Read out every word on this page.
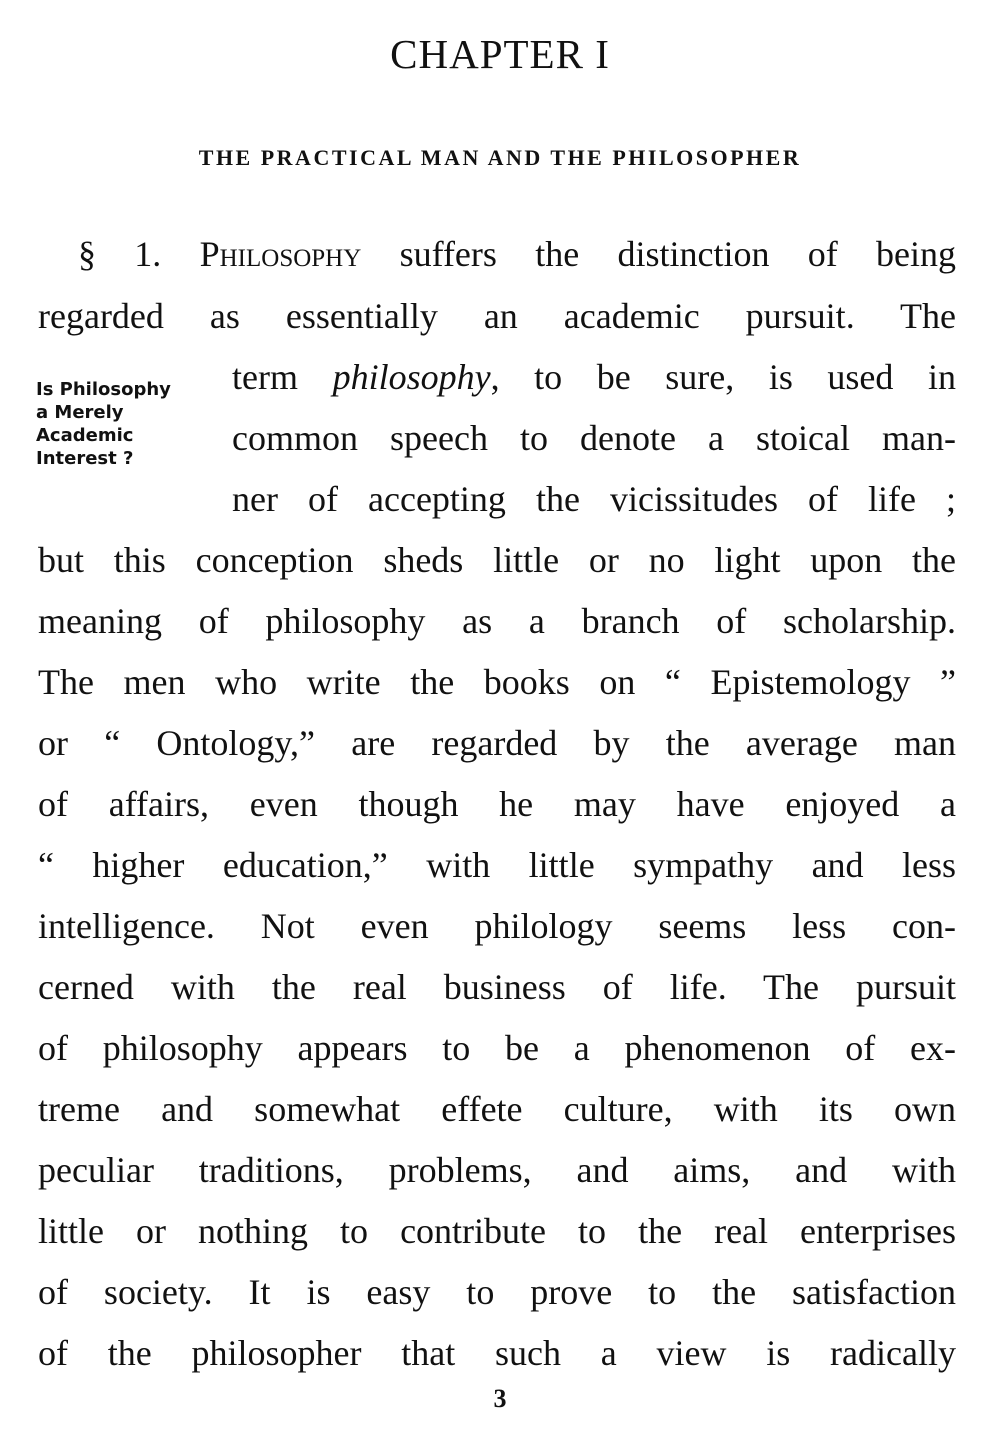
CHAPTER I
THE PRACTICAL MAN AND THE PHILOSOPHER
§ 1. Philosophy suffers the distinction of being
regarded as essentially an academic pursuit. The
term philosophy, to be sure, is used in
Is Philosophy
a Merely
Academic
Interest ?
common speech to denote a stoical man-
ner of accepting the vicissitudes of life ;
but this conception sheds little or no light upon the
meaning of philosophy as a branch of scholarship.
The men who write the books on “ Epistemology ”
or “ Ontology,” are regarded by the average man
of affairs, even though he may have enjoyed a
“ higher education,” with little sympathy and less
intelligence. Not even philology seems less con-
cerned with the real business of life. The pursuit
of philosophy appears to be a phenomenon of ex-
treme and somewhat effete culture, with its own
peculiar traditions, problems, and aims, and with
little or nothing to contribute to the real enterprises
of society. It is easy to prove to the satisfaction
of the philosopher that such a view is radically
3
